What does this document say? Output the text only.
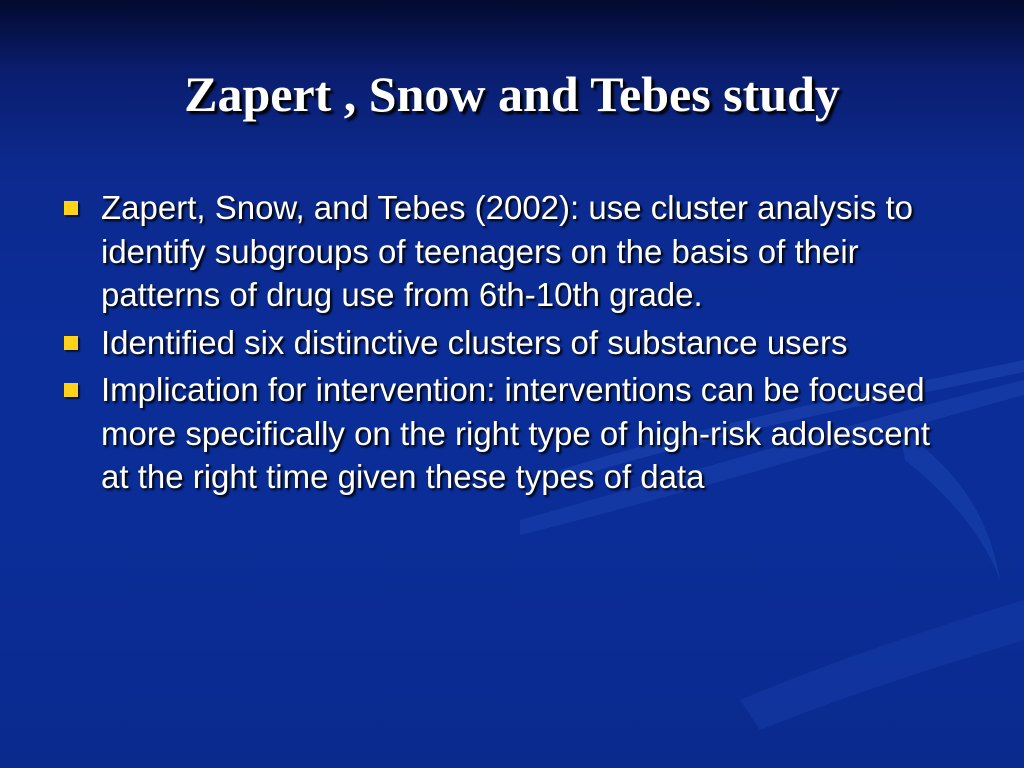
Zapert , Snow and Tebes study
Zapert, Snow, and Tebes (2002): use cluster analysis to identify subgroups of teenagers on the basis of their patterns of drug use from 6th-10th grade.
Identified six distinctive clusters of substance users
Implication for intervention: interventions can be focused more specifically on the right type of high-risk adolescent at the right time given these types of data
